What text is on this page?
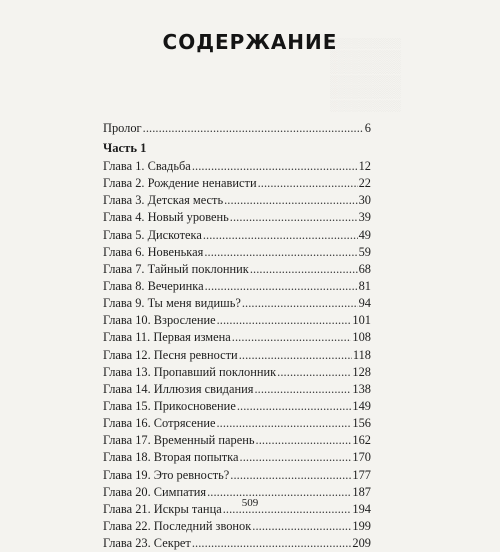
░░░░░░░░░░
░░░░░░░░░░
░░░░░░░░░░
░░░░░░░░░░
░░░░░░░░░░
░░░░░░░░░░
СОДЕРЖАНИЕ
Пролог . . .	6
Часть 1
Глава 1. Свадьба . . .	12
Глава 2. Рождение ненависти . . .	22
Глава 3. Детская месть . . .	30
Глава 4. Новый уровень . . .	39
Глава 5. Дискотека . . .	49
Глава 6. Новенькая . . .	59
Глава 7. Тайный поклонник . . .	68
Глава 8. Вечеринка . . .	81
Глава 9. Ты меня видишь? . . .	94
Глава 10. Взросление . . .	101
Глава 11. Первая измена . . .	108
Глава 12. Песня ревности . . .	118
Глава 13. Пропавший поклонник . . .	128
Глава 14. Иллюзия свидания . . .	138
Глава 15. Прикосновение . . .	149
Глава 16. Сотрясение . . .	156
Глава 17. Временный парень . . .	162
Глава 18. Вторая попытка . . .	170
Глава 19. Это ревность? . . .	177
Глава 20. Симпатия . . .	187
Глава 21. Искры танца . . .	194
Глава 22. Последний звонок . . .	199
Глава 23. Секрет . . .	209
509
